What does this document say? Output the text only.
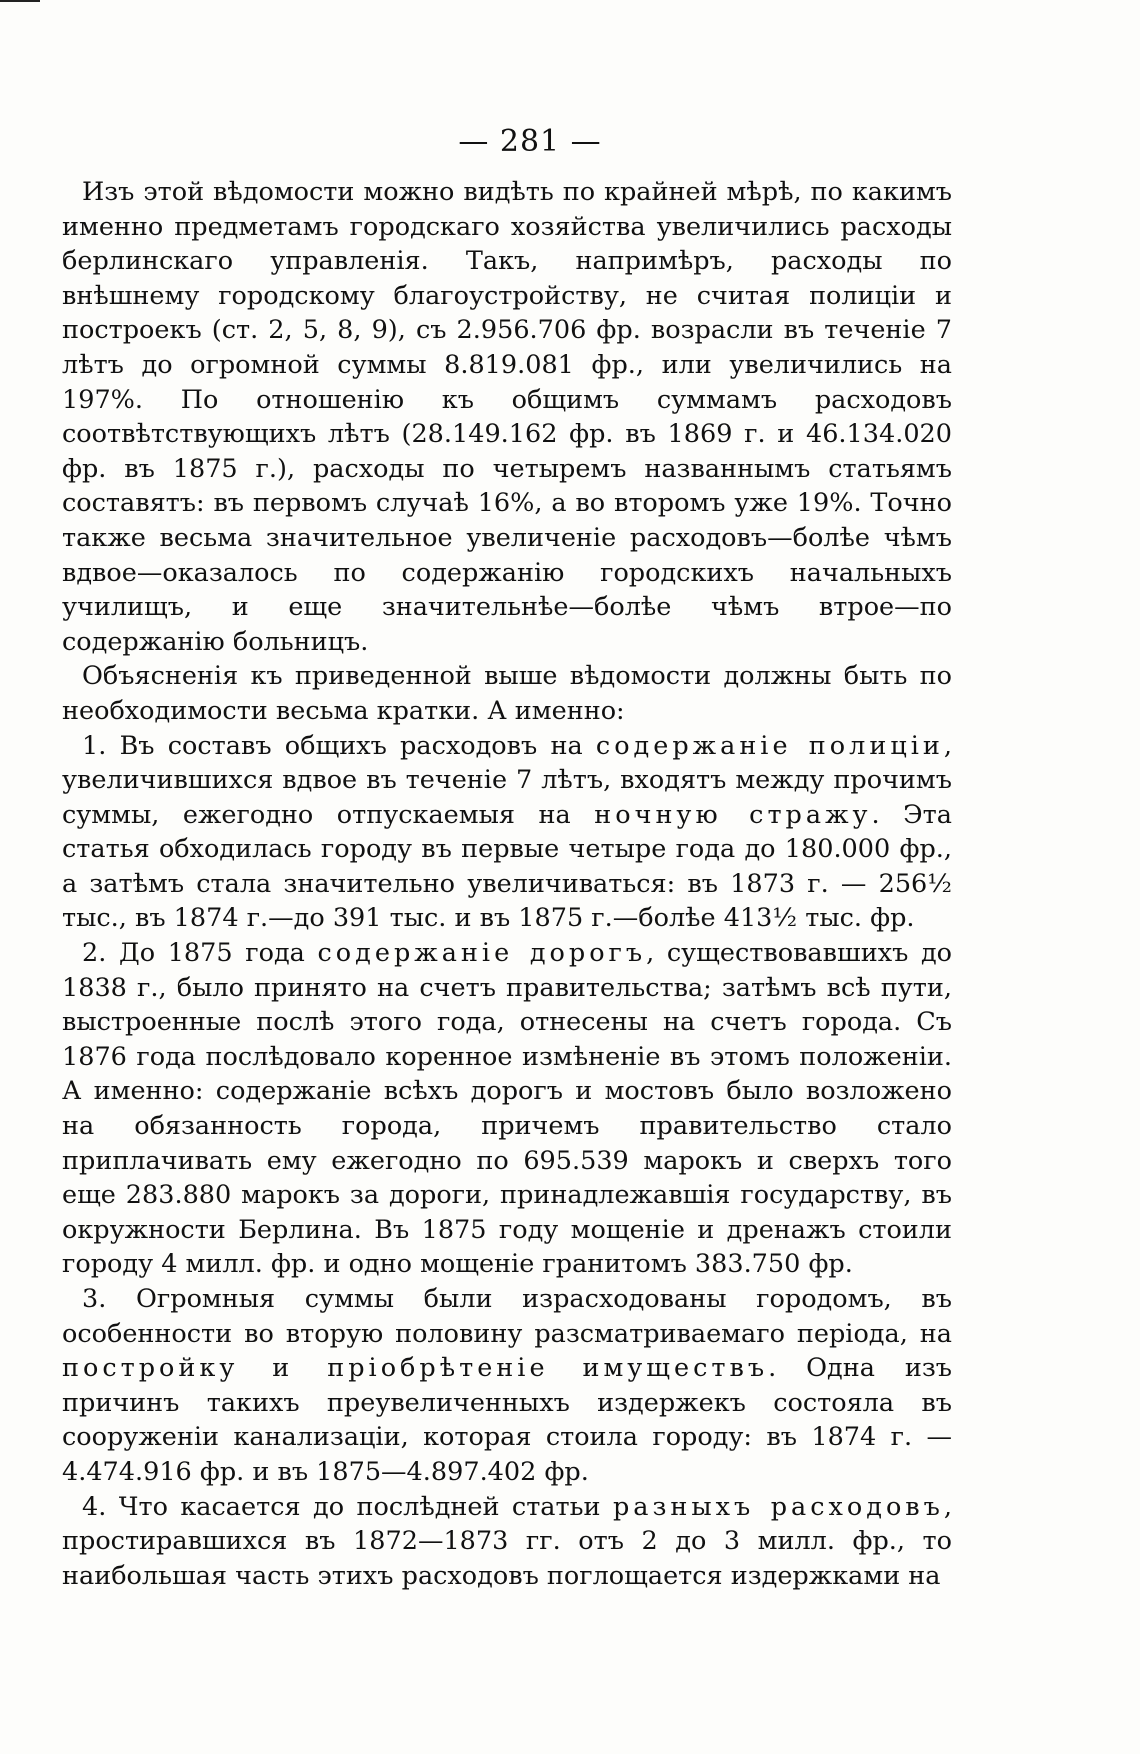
— 281 —

Изъ этой вѣдомости можно видѣть по крайней мѣрѣ, по какимъ именно предметамъ городскаго хозяйства увеличились расходы берлинскаго управленія. Такъ, напримѣръ, расходы по внѣшнему городскому благоустройству, не считая полиціи и построекъ (ст. 2, 5, 8, 9), съ 2.956.706 фр. возрасли въ теченіе 7 лѣтъ до огромной суммы 8.819.081 фр., или увеличились на 197%. По отношенію къ общимъ суммамъ расходовъ соотвѣтствующихъ лѣтъ (28.149.162 фр. въ 1869 г. и 46.134.020 фр. въ 1875 г.), расходы по четыремъ названнымъ статьямъ составятъ: въ первомъ случаѣ 16%, а во второмъ уже 19%. Точно также весьма значительное увеличеніе расходовъ—болѣе чѣмъ вдвое—оказалось по содержанію городскихъ начальныхъ училищъ, и еще значительнѣе—болѣе чѣмъ втрое—по содержанію больницъ.

Объясненія къ приведенной выше вѣдомости должны быть по необходимости весьма кратки. А именно:

1. Въ составъ общихъ расходовъ на содержаніе полиціи, увеличившихся вдвое въ теченіе 7 лѣтъ, входятъ между прочимъ суммы, ежегодно отпускаемыя на ночную стражу. Эта статья обходилась городу въ первые четыре года до 180.000 фр., а затѣмъ стала значительно увеличиваться: въ 1873 г. — 256½ тыс., въ 1874 г.—до 391 тыс. и въ 1875 г.—болѣе 413½ тыс. фр.

2. До 1875 года содержаніе дорогъ, существовавшихъ до 1838 г., было принято на счетъ правительства; затѣмъ всѣ пути, выстроенные послѣ этого года, отнесены на счетъ города. Съ 1876 года послѣдовало коренное измѣненіе въ этомъ положеніи. А именно: содержаніе всѣхъ дорогъ и мостовъ было возложено на обязанность города, причемъ правительство стало приплачивать ему ежегодно по 695.539 марокъ и сверхъ того еще 283.880 марокъ за дороги, принадлежавшія государству, въ окружности Берлина. Въ 1875 году мощеніе и дренажъ стоили городу 4 милл. фр. и одно мощеніе гранитомъ 383.750 фр.

3. Огромныя суммы были израсходованы городомъ, въ особенности во вторую половину разсматриваемаго періода, на постройку и пріобрѣтеніе имуществъ. Одна изъ причинъ такихъ преувеличенныхъ издержекъ состояла въ сооруженіи канализаціи, которая стоила городу: въ 1874 г. — 4.474.916 фр. и въ 1875—4.897.402 фр.

4. Что касается до послѣдней статьи разныхъ расходовъ, простиравшихся въ 1872—1873 гг. отъ 2 до 3 милл. фр., то наибольшая часть этихъ расходовъ поглощается издержками на
